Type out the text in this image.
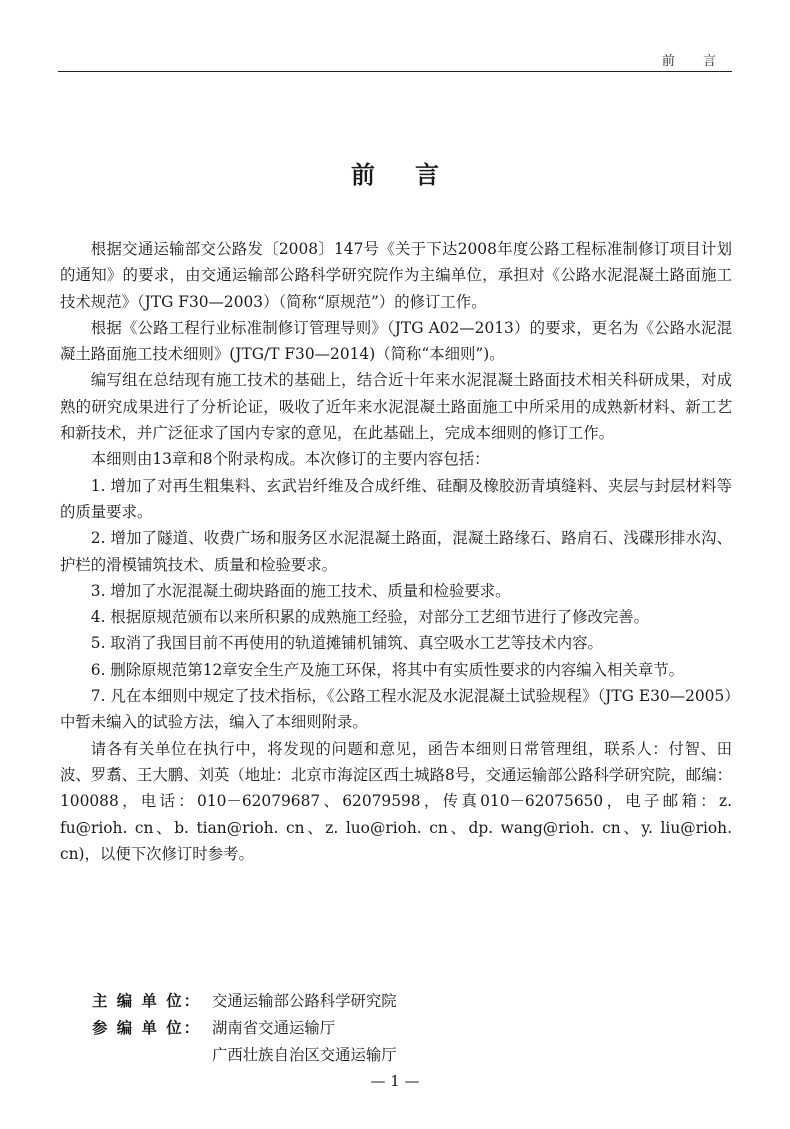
前 言
前言

根据交通运输部交公路发〔2008〕147号《关于下达2008年度公路工程标准制修订项目计划的通知》的要求，由交通运输部公路科学研究院作为主编单位，承担对《公路水泥混凝土路面施工技术规范》（JTG F30—2003）（简称“原规范”）的修订工作。

根据《公路工程行业标准制修订管理导则》（JTG A02—2013）的要求，更名为《公路水泥混凝土路面施工技术细则》(JTG/T F30—2014)（简称“本细则”)。

编写组在总结现有施工技术的基础上，结合近十年来水泥混凝土路面技术相关科研成果，对成熟的研究成果进行了分析论证，吸收了近年来水泥混凝土路面施工中所采用的成熟新材料、新工艺和新技术，并广泛征求了国内专家的意见，在此基础上，完成本细则的修订工作。

本细则由13章和8个附录构成。本次修订的主要内容包括：

1. 增加了对再生粗集料、玄武岩纤维及合成纤维、硅酮及橡胶沥青填缝料、夹层与封层材料等的质量要求。

2. 增加了隧道、收费广场和服务区水泥混凝土路面，混凝土路缘石、路肩石、浅碟形排水沟、护栏的滑模铺筑技术、质量和检验要求。

3. 增加了水泥混凝土砌块路面的施工技术、质量和检验要求。

4. 根据原规范颁布以来所积累的成熟施工经验，对部分工艺细节进行了修改完善。

5. 取消了我国目前不再使用的轨道摊铺机铺筑、真空吸水工艺等技术内容。

6. 删除原规范第12章安全生产及施工环保，将其中有实质性要求的内容编入相关章节。

7. 凡在本细则中规定了技术指标，《公路工程水泥及水泥混凝土试验规程》（JTG E30—2005）中暂未编入的试验方法，编入了本细则附录。

请各有关单位在执行中，将发现的问题和意见，函告本细则日常管理组，联系人：付智、田波、罗翥、王大鹏、刘英（地址：北京市海淀区西土城路8号，交通运输部公路科学研究院，邮编：100088，电话：010－62079687、62079598，传真010－62075650，电子邮箱：z. fu@rioh. cn、b. tian@rioh. cn、z. luo@rioh. cn、dp. wang@rioh. cn、y. liu@rioh. cn)，以便下次修订时参考。

主 编 单 位： 交通运输部公路科学研究院
参 编 单 位： 湖南省交通运输厅
广西壮族自治区交通运输厅
— 1 —
